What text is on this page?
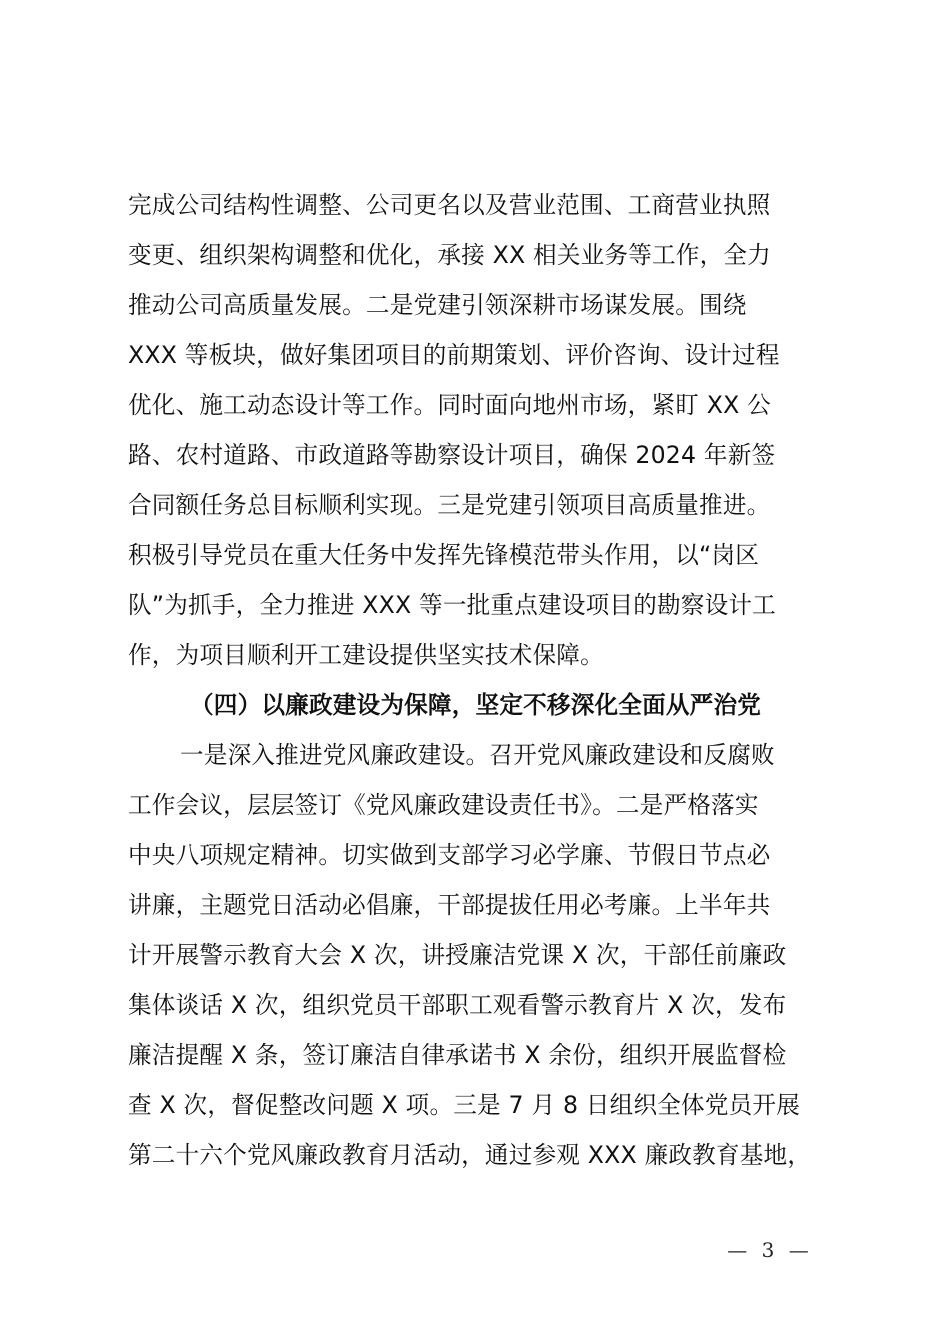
完成公司结构性调整、公司更名以及营业范围、工商营业执照
变更、组织架构调整和优化，承接 XX 相关业务等工作，全力
推动公司高质量发展。二是党建引领深耕市场谋发展。围绕
XXX 等板块，做好集团项目的前期策划、评价咨询、设计过程
优化、施工动态设计等工作。同时面向地州市场，紧盯 XX 公
路、农村道路、市政道路等勘察设计项目，确保 2024 年新签
合同额任务总目标顺利实现。三是党建引领项目高质量推进。
积极引导党员在重大任务中发挥先锋模范带头作用，以“岗区
队”为抓手，全力推进 XXX 等一批重点建设项目的勘察设计工
作，为项目顺利开工建设提供坚实技术保障。
（四）以廉政建设为保障，坚定不移深化全面从严治党
一是深入推进党风廉政建设。召开党风廉政建设和反腐败
工作会议，层层签订《党风廉政建设责任书》。二是严格落实
中央八项规定精神。切实做到支部学习必学廉、节假日节点必
讲廉，主题党日活动必倡廉，干部提拔任用必考廉。上半年共
计开展警示教育大会 X 次，讲授廉洁党课 X 次，干部任前廉政
集体谈话 X 次，组织党员干部职工观看警示教育片 X 次，发布
廉洁提醒 X 条，签订廉洁自律承诺书 X 余份，组织开展监督检
查 X 次，督促整改问题 X 项。三是 7 月 8 日组织全体党员开展
第二十六个党风廉政教育月活动，通过参观 XXX 廉政教育基地，
— 3 —
